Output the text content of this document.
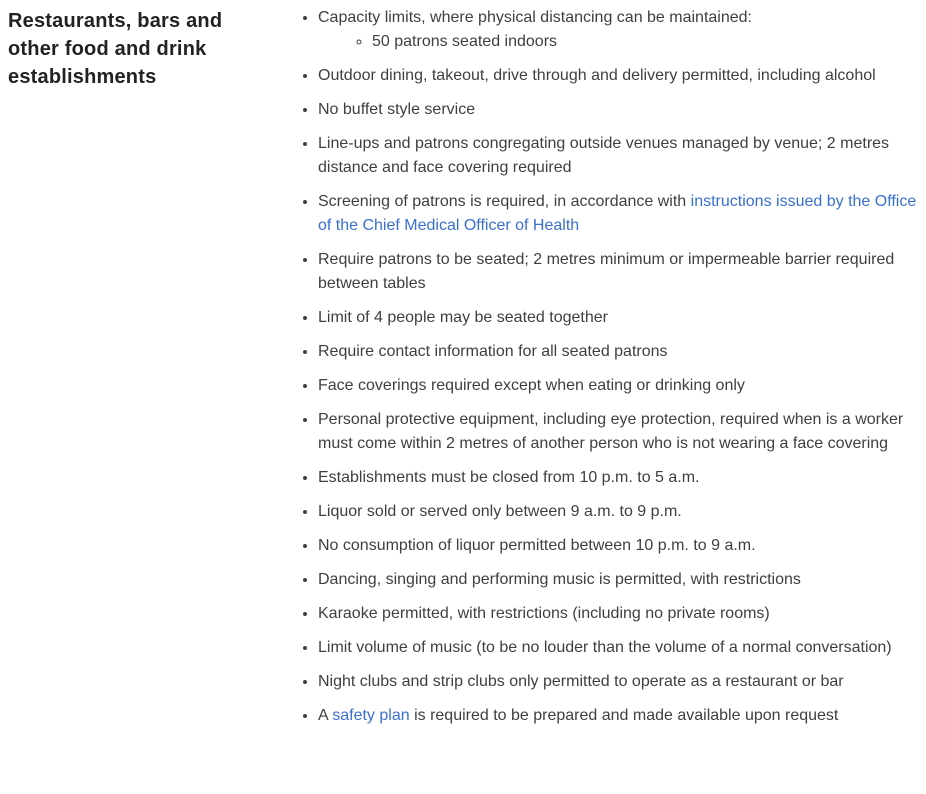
Restaurants, bars and other food and drink establishments
• Capacity limits, where physical distancing can be maintained:
◦ 50 patrons seated indoors
• Outdoor dining, takeout, drive through and delivery permitted, including alcohol
• No buffet style service
• Line-ups and patrons congregating outside venues managed by venue; 2 metres distance and face covering required
• Screening of patrons is required, in accordance with instructions issued by the Office of the Chief Medical Officer of Health
• Require patrons to be seated; 2 metres minimum or impermeable barrier required between tables
• Limit of 4 people may be seated together
• Require contact information for all seated patrons
• Face coverings required except when eating or drinking only
• Personal protective equipment, including eye protection, required when is a worker must come within 2 metres of another person who is not wearing a face covering
• Establishments must be closed from 10 p.m. to 5 a.m.
• Liquor sold or served only between 9 a.m. to 9 p.m.
• No consumption of liquor permitted between 10 p.m. to 9 a.m.
• Dancing, singing and performing music is permitted, with restrictions
• Karaoke permitted, with restrictions (including no private rooms)
• Limit volume of music (to be no louder than the volume of a normal conversation)
• Night clubs and strip clubs only permitted to operate as a restaurant or bar
• A safety plan is required to be prepared and made available upon request
